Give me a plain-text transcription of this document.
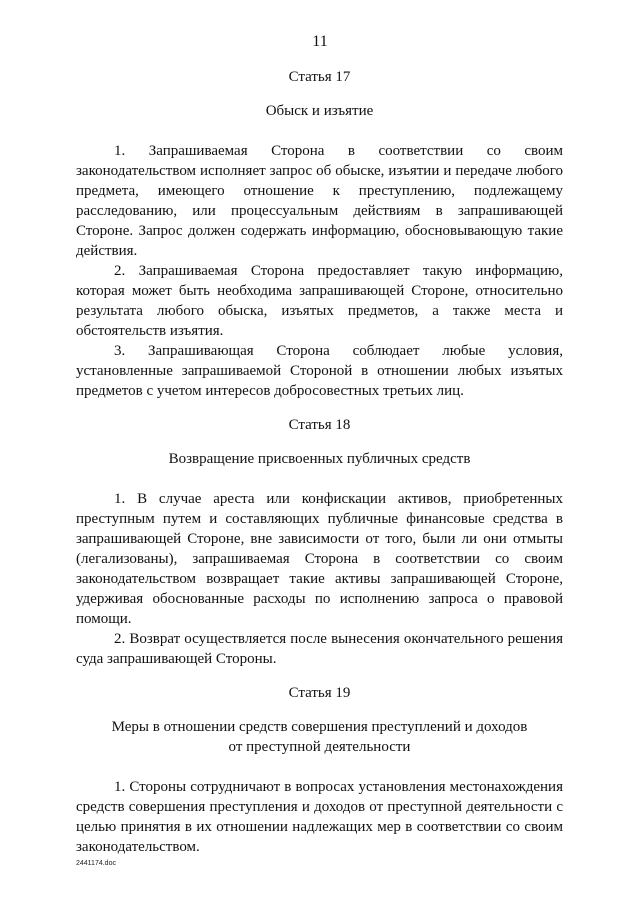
11

Статья 17

Обыск и изъятие

1. Запрашиваемая Сторона в соответствии со своим законодательством исполняет запрос об обыске, изъятии и передаче любого предмета, имеющего отношение к преступлению, подлежащему расследованию, или процессуальным действиям в запрашивающей Стороне. Запрос должен содержать информацию, обосновывающую такие действия.

2. Запрашиваемая Сторона предоставляет такую информацию, которая может быть необходима запрашивающей Стороне, относительно результата любого обыска, изъятых предметов, а также места и обстоятельств изъятия.

3. Запрашивающая Сторона соблюдает любые условия, установленные запрашиваемой Стороной в отношении любых изъятых предметов с учетом интересов добросовестных третьих лиц.

Статья 18

Возвращение присвоенных публичных средств

1. В случае ареста или конфискации активов, приобретенных преступным путем и составляющих публичные финансовые средства в запрашивающей Стороне, вне зависимости от того, были ли они отмыты (легализованы), запрашиваемая Сторона в соответствии со своим законодательством возвращает такие активы запрашивающей Стороне, удерживая обоснованные расходы по исполнению запроса о правовой помощи.

2. Возврат осуществляется после вынесения окончательного решения суда запрашивающей Стороны.

Статья 19

Меры в отношении средств совершения преступлений и доходов
от преступной деятельности

1. Стороны сотрудничают в вопросах установления местонахождения средств совершения преступления и доходов от преступной деятельности с целью принятия в их отношении надлежащих мер в соответствии со своим законодательством.

2441174.doc
